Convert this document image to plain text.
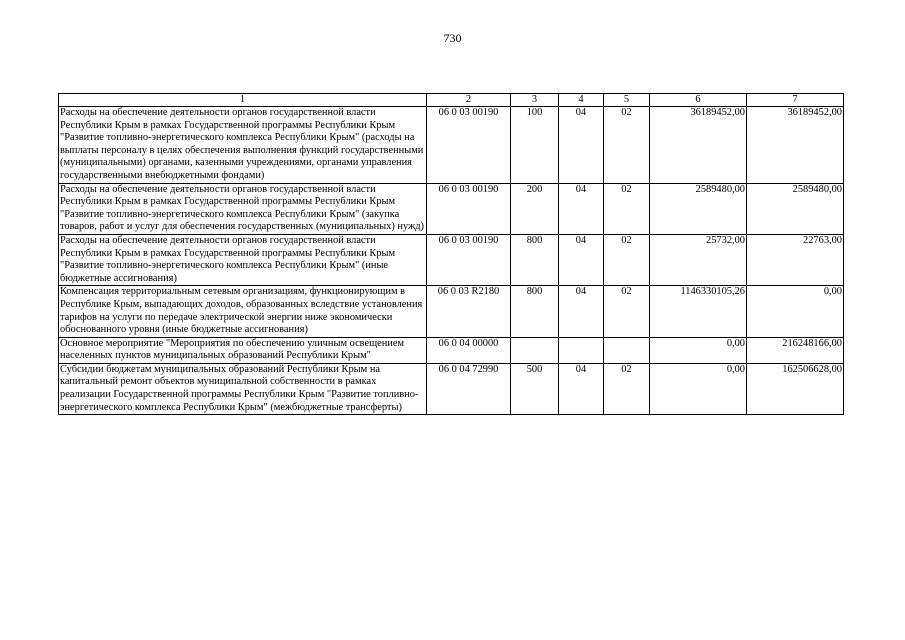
730
1	2	3	4	5	6	7
Расходы на обеспечение деятельности органов государственной власти Республики Крым в рамках Государственной программы Республики Крым "Развитие топливно-энергетического комплекса Республики Крым" (расходы на выплаты персоналу в целях обеспечения выполнения функций государственными (муниципальными) органами, казенными учреждениями, органами управления государственными внебюджетными фондами)	06 0 03 00190	100	04	02	36189452,00	36189452,00
Расходы на обеспечение деятельности органов государственной власти Республики Крым в рамках Государственной программы Республики Крым "Развитие топливно-энергетического комплекса Республики Крым" (закупка товаров, работ и услуг для обеспечения государственных (муниципальных) нужд)	06 0 03 00190	200	04	02	2589480,00	2589480,00
Расходы на обеспечение деятельности органов государственной власти Республики Крым в рамках Государственной программы Республики Крым "Развитие топливно-энергетического комплекса Республики Крым" (иные бюджетные ассигнования)	06 0 03 00190	800	04	02	25732,00	22763,00
Компенсация территориальным сетевым организациям, функционирующим в Республике Крым, выпадающих доходов, образованных вследствие установления тарифов на услуги по передаче электрической энергии ниже экономически обоснованного уровня (иные бюджетные ассигнования)	06 0 03 R2180	800	04	02	1146330105,26	0,00
Основное мероприятие "Мероприятия по обеспечению уличным освещением населенных пунктов муниципальных образований Республики Крым"	06 0 04 00000				0,00	216248166,00
Субсидии бюджетам муниципальных образований Республики Крым на капитальный ремонт объектов муниципальной собственности в рамках реализации Государственной программы Республики Крым "Развитие топливно-энергетического комплекса Республики Крым" (межбюджетные трансферты)	06 0 04 72990	500	04	02	0,00	162506628,00
